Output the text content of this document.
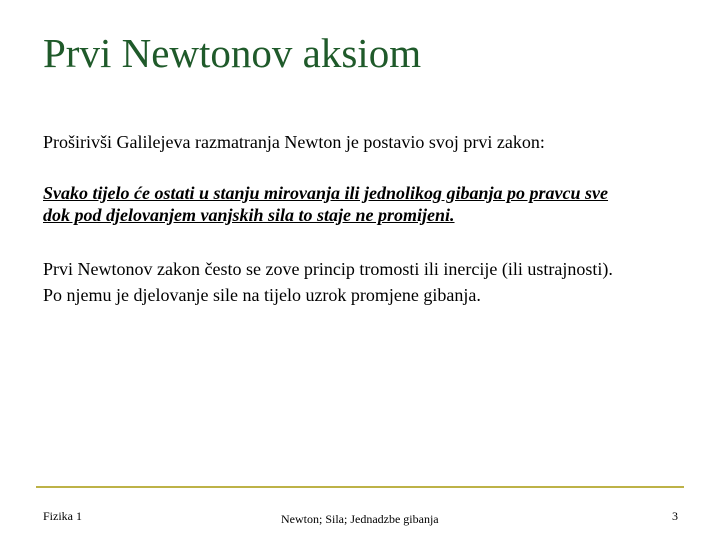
Prvi Newtonov aksiom
Proširivši Galilejeva razmatranja Newton je postavio svoj prvi zakon:
Svako tijelo će ostati u stanju mirovanja ili jednolikog gibanja po pravcu sve
dok pod djelovanjem vanjskih sila to staje ne promijeni.
Prvi Newtonov zakon često se zove princip tromosti ili inercije (ili ustrajnosti).
Po njemu je djelovanje sile na tijelo uzrok promjene gibanja.
Fizika 1	Newton; Sila; Jednadzbe gibanja	3
